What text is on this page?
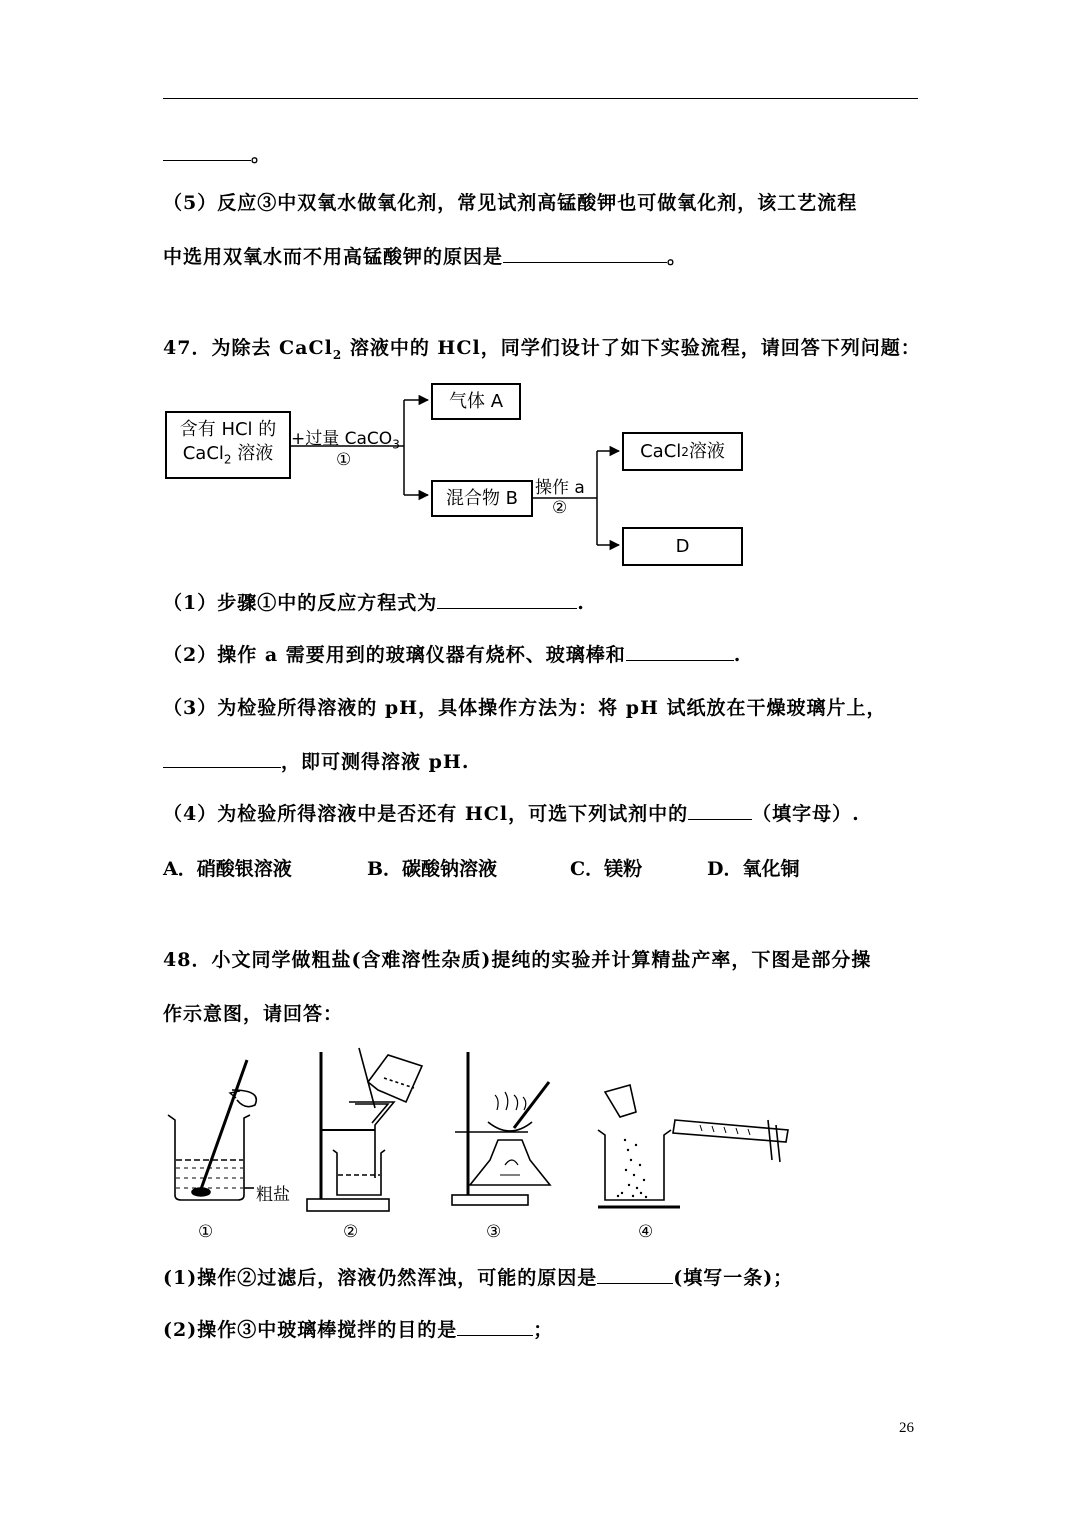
。
（5）反应③中双氧水做氧化剂，常见试剂高锰酸钾也可做氧化剂，该工艺流程
中选用双氧水而不用高锰酸钾的原因是	。
47．为除去 CaCl$_2$ 溶液中的 HCl，同学们设计了如下实验流程，请回答下列问题：
含有 HCl 的
CaCl$_2$ 溶液
+过量 CaCO$_3$
①
气体 A
混合物 B 操作 a
②
CaCl 2 溶液
D
（1）步骤①中的反应方程式为	.
（2）操作 a 需要用到的玻璃仪器有烧杯、玻璃棒和	.
（3）为检验所得溶液的 pH，具体操作方法为：将 pH 试纸放在干燥玻璃片上，
，即可测得溶液 pH.
（4）为检验所得溶液中是否还有 HCl，可选下列试剂中的	（填字母）.
A．硝酸银溶液	B．碳酸钠溶液	C．镁粉	D．氧化铜
48．小文同学做粗盐(含难溶性杂质)提纯的实验并计算精盐产率，下图是部分操
作示意图，请回答：
粗盐
①	②	③	④
(1)操作②过滤后，溶液仍然浑浊，可能的原因是	(填写一条)；
(2)操作③中玻璃棒搅拌的目的是	；
26
